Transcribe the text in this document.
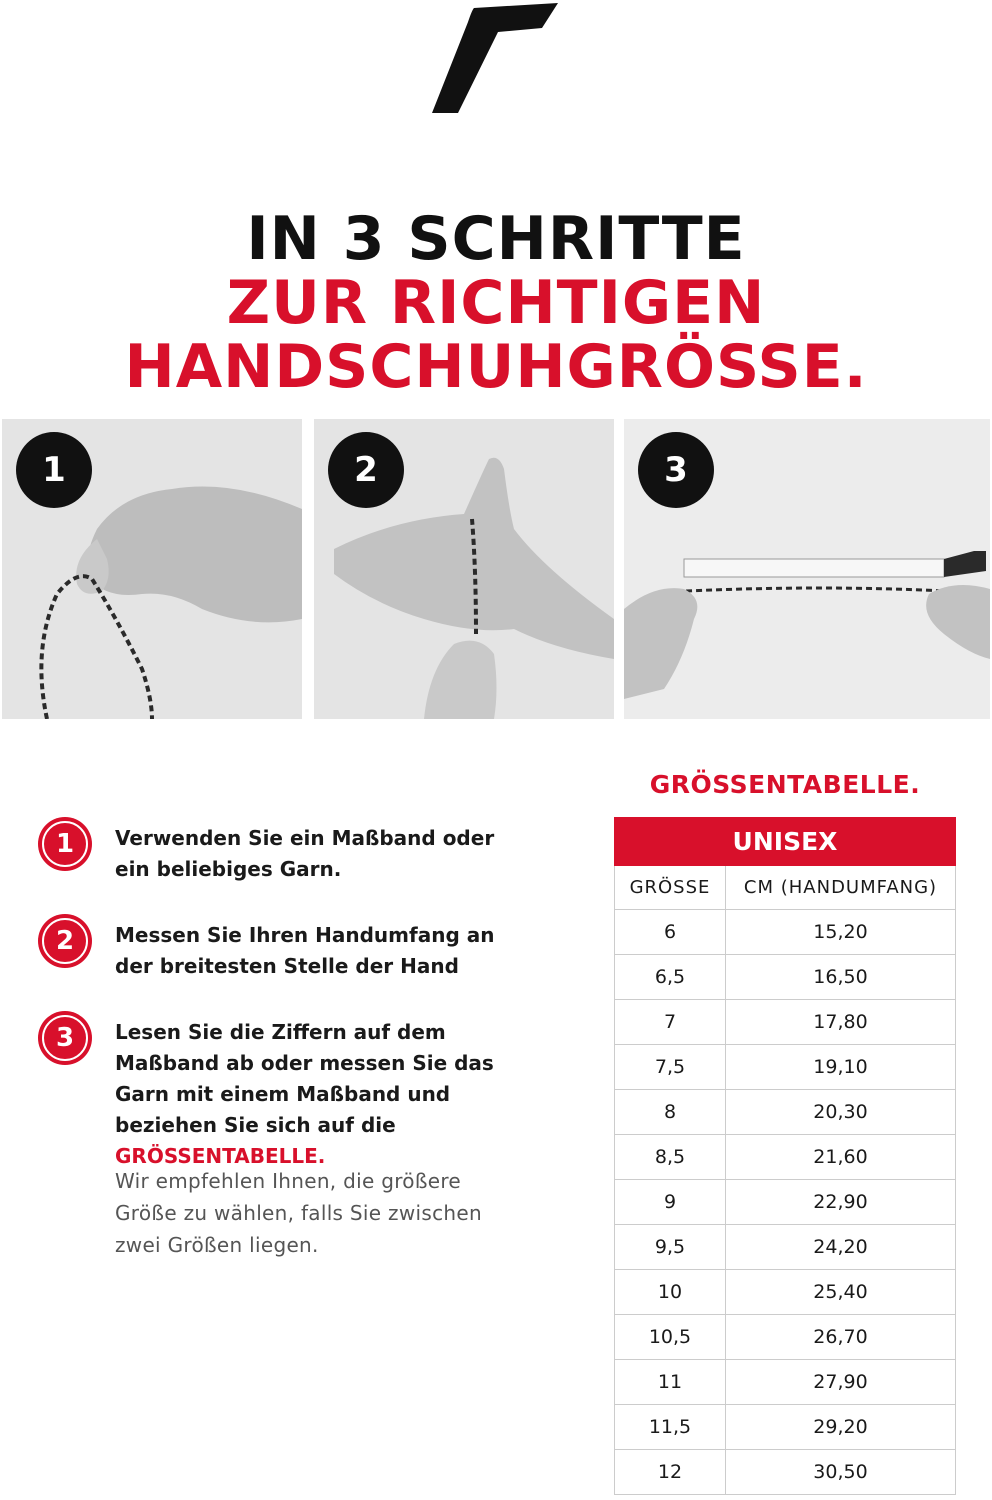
IN 3 SCHRITTE
ZUR RICHTIGEN
HANDSCHUHGRÖSSE.
1	2	3
1	Verwenden Sie ein Maßband oder ein beliebiges Garn.
2	Messen Sie Ihren Handumfang an der breitesten Stelle der Hand
3	Lesen Sie die Ziffern auf dem Maßband ab oder messen Sie das Garn mit einem Maßband und beziehen Sie sich auf die GRÖSSENTABELLE.
Wir empfehlen Ihnen, die größere Größe zu wählen, falls Sie zwischen zwei Größen liegen.
GRÖSSENTABELLE.
UNISEX	
GRÖSSE	CM (HANDUMFANG)
6	15,20
6,5	16,50
7	17,80
7,5	19,10
8	20,30
8,5	21,60
9	22,90
9,5	24,20
10	25,40
10,5	26,70
11	27,90
11,5	29,20
12	30,50
